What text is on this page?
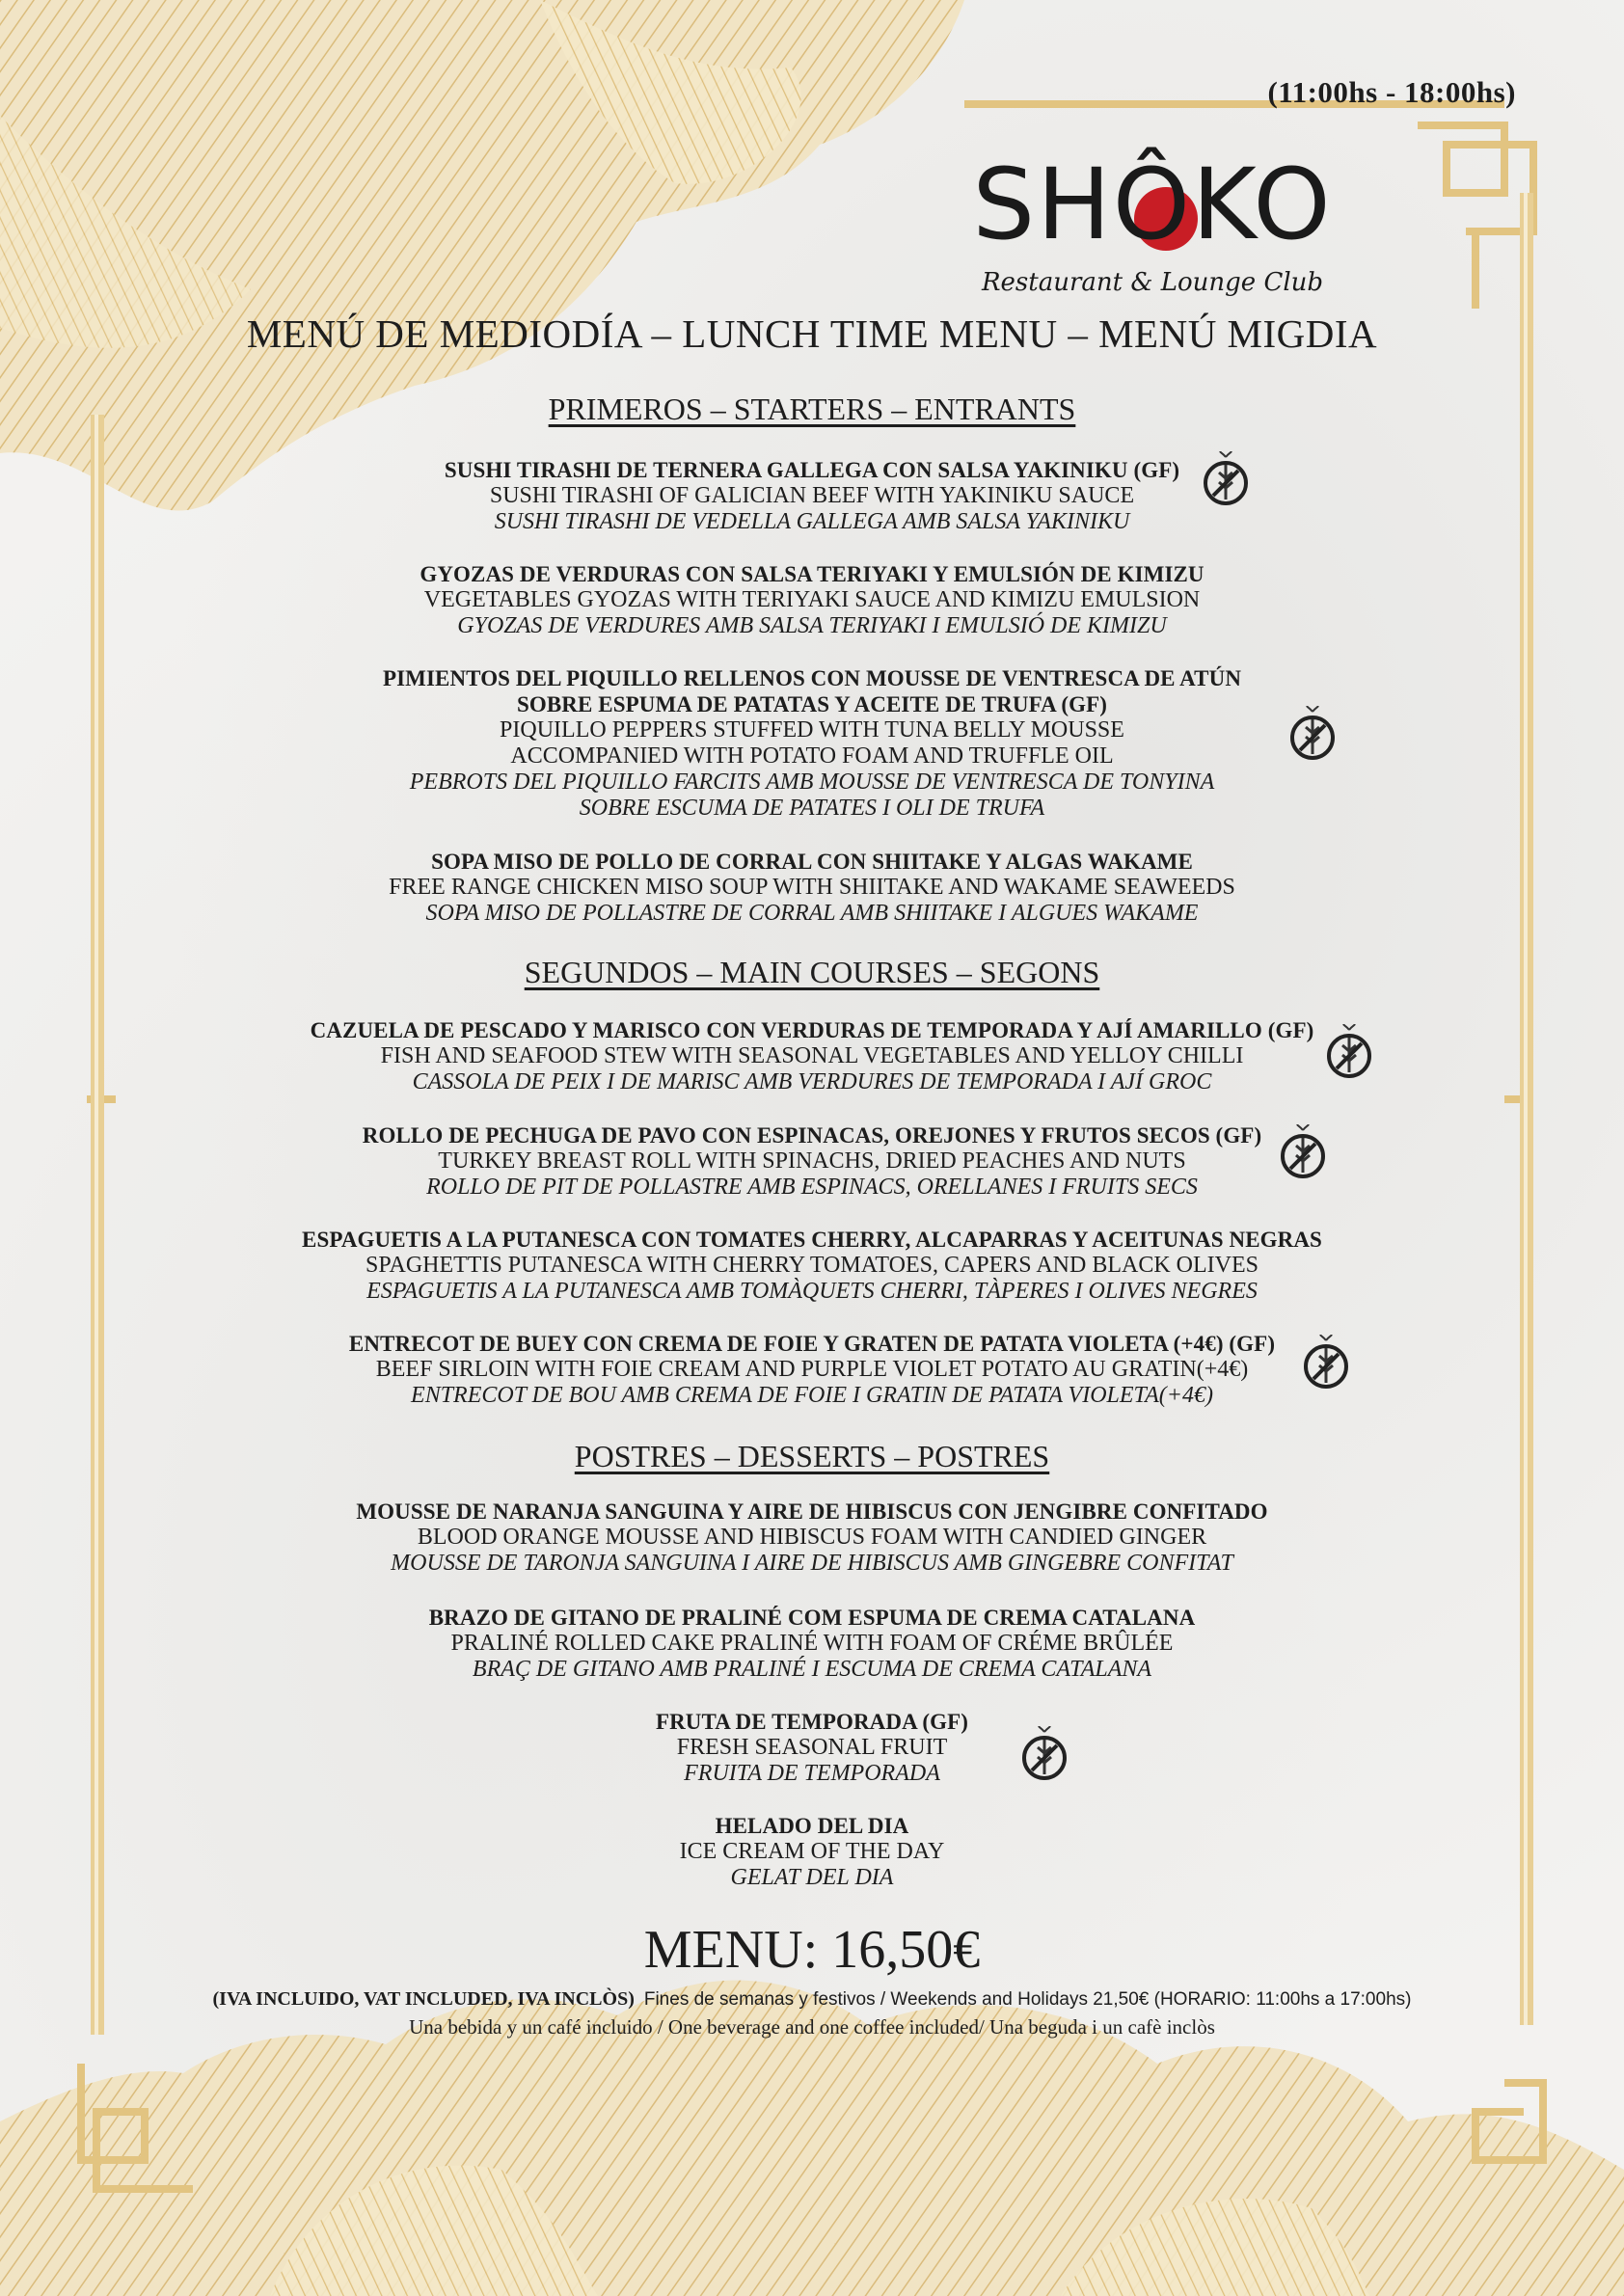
(11:00hs - 18:00hs)
SHÔKO
Restaurant & Lounge Club
MENÚ DE MEDIODÍA – LUNCH TIME MENU – MENÚ MIGDIA
PRIMEROS – STARTERS – ENTRANTS
SUSHI TIRASHI DE TERNERA GALLEGA CON SALSA YAKINIKU (GF)
SUSHI TIRASHI OF GALICIAN BEEF WITH YAKINIKU SAUCE
SUSHI TIRASHI DE VEDELLA GALLEGA AMB SALSA YAKINIKU
GYOZAS DE VERDURAS CON SALSA TERIYAKI Y EMULSIÓN DE KIMIZU
VEGETABLES GYOZAS WITH TERIYAKI SAUCE AND KIMIZU EMULSION
GYOZAS DE VERDURES AMB SALSA TERIYAKI I EMULSIÓ DE KIMIZU
PIMIENTOS DEL PIQUILLO RELLENOS CON MOUSSE DE VENTRESCA DE ATÚN
SOBRE ESPUMA DE PATATAS Y ACEITE DE TRUFA (GF)
PIQUILLO PEPPERS STUFFED WITH TUNA BELLY MOUSSE
ACCOMPANIED WITH POTATO FOAM AND TRUFFLE OIL
PEBROTS DEL PIQUILLO FARCITS AMB MOUSSE DE VENTRESCA DE TONYINA
SOBRE ESCUMA DE PATATES I OLI DE TRUFA
SOPA MISO DE POLLO DE CORRAL CON SHIITAKE Y ALGAS WAKAME
FREE RANGE CHICKEN MISO SOUP WITH SHIITAKE AND WAKAME SEAWEEDS
SOPA MISO DE POLLASTRE DE CORRAL AMB SHIITAKE I ALGUES WAKAME
SEGUNDOS – MAIN COURSES – SEGONS
CAZUELA DE PESCADO Y MARISCO CON VERDURAS DE TEMPORADA Y AJÍ AMARILLO (GF)
FISH AND SEAFOOD STEW WITH SEASONAL VEGETABLES AND YELLOY CHILLI
CASSOLA DE PEIX I DE MARISC AMB VERDURES DE TEMPORADA I AJÍ GROC
ROLLO DE PECHUGA DE PAVO CON ESPINACAS, OREJONES Y FRUTOS SECOS (GF)
TURKEY BREAST ROLL WITH SPINACHS, DRIED PEACHES AND NUTS
ROLLO DE PIT DE POLLASTRE AMB ESPINACS, ORELLANES I FRUITS SECS
ESPAGUETIS A LA PUTANESCA CON TOMATES CHERRY, ALCAPARRAS Y ACEITUNAS NEGRAS
SPAGHETTIS PUTANESCA WITH CHERRY TOMATOES, CAPERS AND BLACK OLIVES
ESPAGUETIS A LA PUTANESCA AMB TOMÀQUETS CHERRI, TÀPERES I OLIVES NEGRES
ENTRECOT DE BUEY CON CREMA DE FOIE Y GRATEN DE PATATA VIOLETA (+4€) (GF)
BEEF SIRLOIN WITH FOIE CREAM AND PURPLE VIOLET POTATO AU GRATIN(+4€)
ENTRECOT DE BOU AMB CREMA DE FOIE I GRATIN DE PATATA VIOLETA(+4€)
POSTRES – DESSERTS – POSTRES
MOUSSE DE NARANJA SANGUINA Y AIRE DE HIBISCUS CON JENGIBRE CONFITADO
BLOOD ORANGE MOUSSE AND HIBISCUS FOAM WITH CANDIED GINGER
MOUSSE DE TARONJA SANGUINA I AIRE DE HIBISCUS AMB GINGEBRE CONFITAT
BRAZO DE GITANO DE PRALINÉ COM ESPUMA DE CREMA CATALANA
PRALINÉ ROLLED CAKE PRALINÉ WITH FOAM OF CRÉME BRÛLÉE
BRAÇ DE GITANO AMB PRALINÉ I ESCUMA DE CREMA CATALANA
FRUTA DE TEMPORADA (GF)
FRESH SEASONAL FRUIT
FRUITA DE TEMPORADA
HELADO DEL DIA
ICE CREAM OF THE DAY
GELAT DEL DIA
MENU: 16,50€
(IVA INCLUIDO, VAT INCLUDED, IVA INCLÒS) Fines de semanas y festivos / Weekends and Holidays 21,50€ (HORARIO: 11:00hs a 17:00hs)
Una bebida y un café incluido / One beverage and one coffee included/ Una beguda i un cafè inclòs
